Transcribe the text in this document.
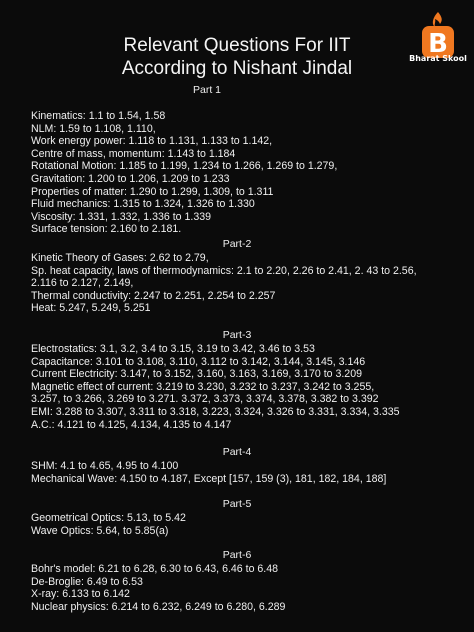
Relevant Questions For IIT
According to Nishant Jindal
B
Bharat Skool
Part 1
Kinematics: 1.1 to 1.54, 1.58
NLM: 1.59 to 1.108, 1.110,
Work energy power: 1.118 to 1.131, 1.133 to 1.142,
Centre of mass, momentum: 1.143 to 1.184
Rotational Motion: 1.185 to 1.199, 1.234 to 1.266, 1.269 to 1.279,
Gravitation: 1.200 to 1.206, 1.209 to 1.233
Properties of matter: 1.290 to 1.299, 1.309, to 1.311
Fluid mechanics: 1.315 to 1.324, 1.326 to 1.330
Viscosity: 1.331, 1.332, 1.336 to 1.339
Surface tension: 2.160 to 2.181.
Part-2
Kinetic Theory of Gases: 2.62 to 2.79,
Sp. heat capacity, laws of thermodynamics: 2.1 to 2.20, 2.26 to 2.41, 2. 43 to 2.56,
2.116 to 2.127, 2.149,
Thermal conductivity: 2.247 to 2.251, 2.254 to 2.257
Heat: 5.247, 5.249, 5.251
Part-3
Electrostatics: 3.1, 3.2, 3.4 to 3.15, 3.19 to 3.42, 3.46 to 3.53
Capacitance: 3.101 to 3.108, 3.110, 3.112 to 3.142, 3.144, 3.145, 3.146
Current Electricity: 3.147, to 3.152, 3.160, 3.163, 3.169, 3.170 to 3.209
Magnetic effect of current: 3.219 to 3.230, 3.232 to 3.237, 3.242 to 3.255,
3.257, to 3.266, 3.269 to 3.271. 3.372, 3.373, 3.374, 3.378, 3.382 to 3.392
EMI: 3.288 to 3.307, 3.311 to 3.318, 3.223, 3.324, 3.326 to 3.331, 3.334, 3.335
A.C.: 4.121 to 4.125, 4.134, 4.135 to 4.147
Part-4
SHM: 4.1 to 4.65, 4.95 to 4.100
Mechanical Wave: 4.150 to 4.187, Except [157, 159 (3), 181, 182, 184, 188]
Part-5
Geometrical Optics: 5.13, to 5.42
Wave Optics: 5.64, to 5.85(a)
Part-6
Bohr's model: 6.21 to 6.28, 6.30 to 6.43, 6.46 to 6.48
De-Broglie: 6.49 to 6.53
X-ray: 6.133 to 6.142
Nuclear physics: 6.214 to 6.232, 6.249 to 6.280, 6.289
